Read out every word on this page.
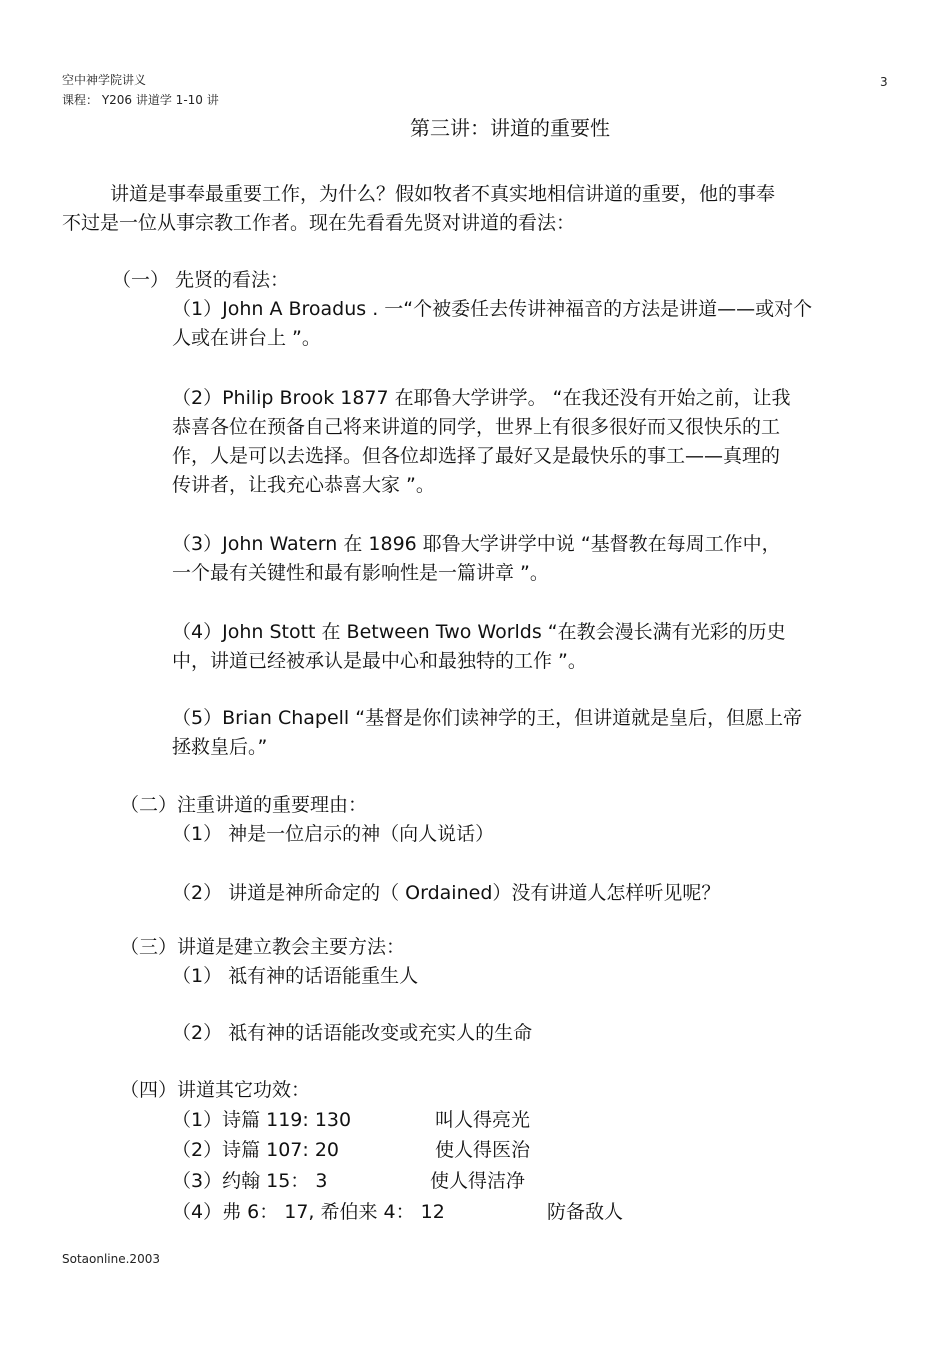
空中神学院讲义
课程： Y206 讲道学 1-10 讲
3
第三讲：讲道的重要性
讲道是事奉最重要工作，为什么？假如牧者不真实地相信讲道的重要，他的事奉
不过是一位从事宗教工作者。现在先看看先贤对讲道的看法：
（一） 先贤的看法：
（1）John A Broadus . 一“个被委任去传讲神福音的方法是讲道——或对个
人或在讲台上 ”。
（2）Philip Brook 1877 在耶鲁大学讲学。 “在我还没有开始之前，让我
恭喜各位在预备自己将来讲道的同学，世界上有很多很好而又很快乐的工
作，人是可以去选择。但各位却选择了最好又是最快乐的事工——真理的
传讲者，让我充心恭喜大家 ”。
（3）John Watern 在 1896 耶鲁大学讲学中说 “基督教在每周工作中，
一个最有关键性和最有影响性是一篇讲章 ”。
（4）John Stott 在 Between Two Worlds “在教会漫长满有光彩的历史
中，讲道已经被承认是最中心和最独特的工作 ”。
（5）Brian Chapell “基督是你们读神学的王，但讲道就是皇后，但愿上帝
拯救皇后。”
（二）注重讲道的重要理由：
（1） 神是一位启示的神（向人说话）
（2） 讲道是神所命定的（ Ordained）没有讲道人怎样听见呢？
（三）讲道是建立教会主要方法：
（1） 祗有神的话语能重生人
（2） 祗有神的话语能改变或充实人的生命
（四）讲道其它功效：
（1）诗篇 119: 130	叫人得亮光
（2）诗篇 107: 20	使人得医治
（3）约翰 15： 3	使人得洁净
（4）弗 6： 17, 希伯来 4： 12	防备敌人
Sotaonline.2003
